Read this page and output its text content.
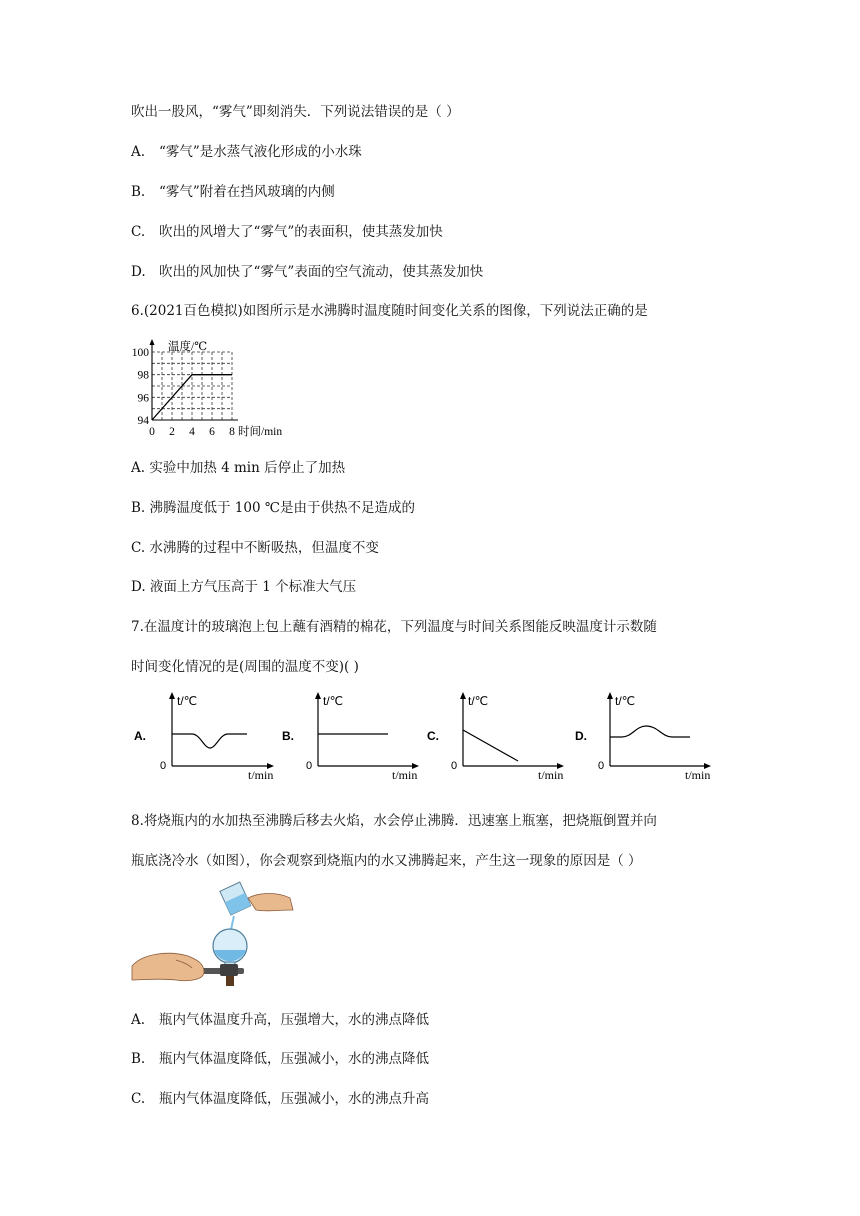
吹出一股风，“雾气”即刻消失．下列说法错误的是（ ）
A. “雾气”是水蒸气液化形成的小水珠
B. “雾气”附着在挡风玻璃的内侧
C. 吹出的风增大了“雾气”的表面积，使其蒸发加快
D. 吹出的风加快了“雾气”表面的空气流动，使其蒸发加快
6.(2021百色模拟)如图所示是水沸腾时温度随时间变化关系的图像，下列说法正确的是
94
96
98
100
0 2 4 6 8
温度/℃
时间/min
A. 实验中加热 4 min 后停止了加热
B. 沸腾温度低于 100 ℃是由于供热不足造成的
C. 水沸腾的过程中不断吸热，但温度不变
D. 液面上方气压高于 1 个标准大气压
7.在温度计的玻璃泡上包上蘸有酒精的棉花，下列温度与时间关系图能反映温度计示数随
时间变化情况的是(周围的温度不变)( )
A.
t/℃
t/min
0
B.
t/℃
t/min
0
C.
t/℃
t/min
0
D.
t/℃
t/min
0
8.将烧瓶内的水加热至沸腾后移去火焰，水会停止沸腾．迅速塞上瓶塞，把烧瓶倒置并向
瓶底浇冷水（如图），你会观察到烧瓶内的水又沸腾起来，产生这一现象的原因是（ ）
A. 瓶内气体温度升高，压强增大，水的沸点降低
B. 瓶内气体温度降低，压强减小，水的沸点降低
C. 瓶内气体温度降低，压强减小，水的沸点升高
